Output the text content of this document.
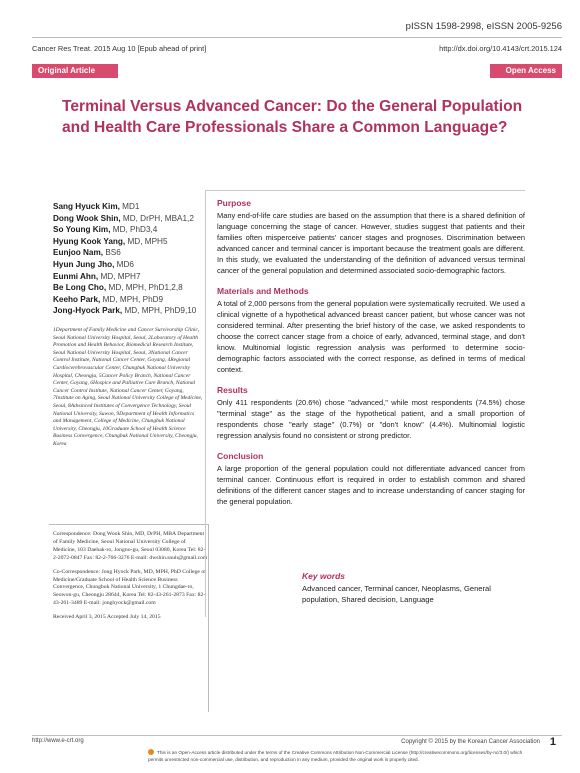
pISSN 1598-2998, eISSN 2005-9256
Cancer Res Treat. 2015 Aug 10 [Epub ahead of print]	http://dx.doi.org/10.4143/crt.2015.124
Original Article	Open Access
Terminal Versus Advanced Cancer: Do the General Population and Health Care Professionals Share a Common Language?
Sang Hyuck Kim, MD1
Dong Wook Shin, MD, DrPH, MBA1,2
So Young Kim, MD, PhD3,4
Hyung Kook Yang, MD, MPH5
Eunjoo Nam, BS6
Hyun Jung Jho, MD6
Eunmi Ahn, MD, MPH7
Be Long Cho, MD, MPH, PhD1,2,8
Keeho Park, MD, MPH, PhD9
Jong-Hyock Park, MD, MPH, PhD9,10
1Department of Family Medicine and Cancer Survivorship Clinic, Seoul National University Hospital, Seoul, 2Laboratory of Health Promotion and Health Behavior, Biomedical Research Institute, Seoul National University Hospital, Seoul, 3National Cancer Control Institute, National Cancer Center, Goyang, 4Regional Cardiocerebrovascular Center, Chungbuk National University Hospital, Cheongju, 5Cancer Policy Branch, National Cancer Center, Goyang, 6Hospice and Palliative Care Branch, National Cancer Control Institute, National Cancer Center, Goyang, 7Institute on Aging, Seoul National University College of Medicine, Seoul, 8Advanced Institutes of Convergence Technology, Seoul National University, Suwon, 9Department of Health Informatics and Management, College of Medicine, Chungbuk National University, Cheongju, 10Graduate School of Health Science Business Convergence, Chungbuk National University, Cheongju, Korea

Correspondence: Dong Wook Shin, MD, DrPH, MBA Department of Family Medicine, Seoul National University College of Medicine, 103 Daehak-ro, Jongno-gu, Seoul 03080, Korea Tel: 82-2-2072-0847 Fax: 82-2-766-3276 E-mail: dwshin.snuh@gmail.com

Co-Correspondence: Jong Hyock Park, MD, MPH, PhD College of Medicine/Graduate School of Health Science Business Convergence, Chungbuk National University, 1 Chungdae-ro, Seowon-gu, Cheongju 28644, Korea Tel: 82-43-261-2873 Fax: 82-43-261-3489 E-mail: jonghyock@gmail.com

Received April 3, 2015 Accepted July 14, 2015

Purpose

Many end-of-life care studies are based on the assumption that there is a shared definition of language concerning the stage of cancer. However, studies suggest that patients and their families often misperceive patients' cancer stages and prognoses. Discrimination between advanced cancer and terminal cancer is important because the treatment goals are different. In this study, we evaluated the understanding of the definition of advanced versus terminal cancer of the general population and determined associated socio-demographic factors.

Materials and Methods

A total of 2,000 persons from the general population were systematically recruited. We used a clinical vignette of a hypothetical advanced breast cancer patient, but whose cancer was not considered terminal. After presenting the brief history of the case, we asked respondents to choose the correct cancer stage from a choice of early, advanced, terminal stage, and don't know. Multinomial logistic regression analysis was performed to determine socio-demographic factors associated with the correct response, as defined in terms of medical context.

Results

Only 411 respondents (20.6%) chose "advanced," while most respondents (74.5%) chose "terminal stage" as the stage of the hypothetical patient, and a small proportion of respondents chose "early stage" (0.7%) or "don't know" (4.4%). Multinomial logistic regression analysis found no consistent or strong predictor.

Conclusion

A large proportion of the general population could not differentiate advanced cancer from terminal cancer. Continuous effort is required in order to establish common and shared definitions of the different cancer stages and to increase understanding of cancer staging for the general population.

Key words

Advanced cancer, Terminal cancer, Neoplasms, General population, Shared decision, Language

http://www.e-crt.org	Copyright © 2015 by the Korean Cancer Association 1
This is an Open-Access article distributed under the terms of the Creative Commons Attribution Non-Commercial License (http://creativecommons.org/licenses/by-nc/3.0/) which permits unrestricted non-commercial use, distribution, and reproduction in any medium, provided the original work is properly cited.
